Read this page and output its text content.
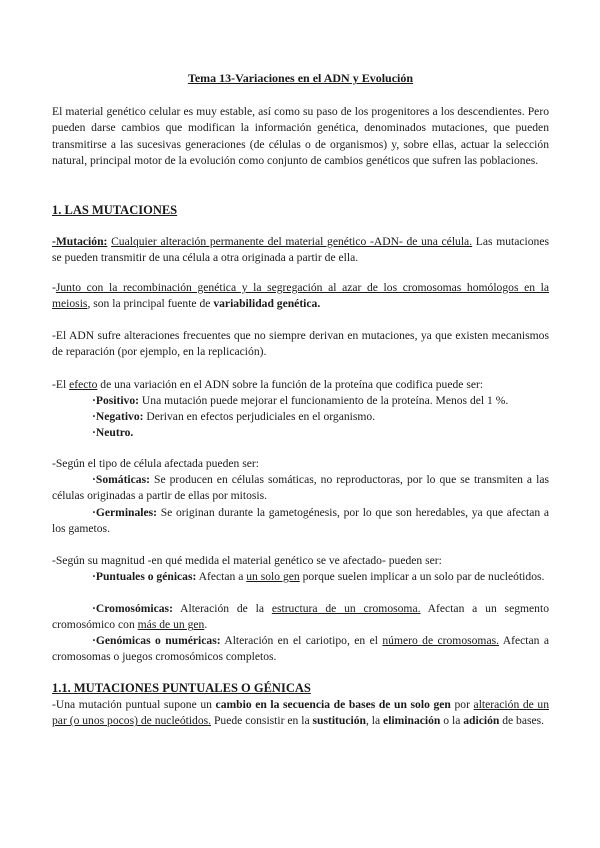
Tema 13-Variaciones en el ADN y Evolución
El material genético celular es muy estable, así como su paso de los progenitores a los descendientes. Pero pueden darse cambios que modifican la información genética, denominados mutaciones, que pueden transmitirse a las sucesivas generaciones (de células o de organismos) y, sobre ellas, actuar la selección natural, principal motor de la evolución como conjunto de cambios genéticos que sufren las poblaciones.
1. LAS MUTACIONES
-Mutación: Cualquier alteración permanente del material genético -ADN- de una célula. Las mutaciones se pueden transmitir de una célula a otra originada a partir de ella.
-Junto con la recombinación genética y la segregación al azar de los cromosomas homólogos en la meiosis, son la principal fuente de variabilidad genética.
-El ADN sufre alteraciones frecuentes que no siempre derivan en mutaciones, ya que existen mecanismos de reparación (por ejemplo, en la replicación).
-El efecto de una variación en el ADN sobre la función de la proteína que codifica puede ser:
·Positivo: Una mutación puede mejorar el funcionamiento de la proteína. Menos del 1 %.
·Negativo: Derivan en efectos perjudiciales en el organismo.
·Neutro.
-Según el tipo de célula afectada pueden ser:
·Somáticas: Se producen en células somáticas, no reproductoras, por lo que se transmiten a las células originadas a partir de ellas por mitosis.
·Germinales: Se originan durante la gametogénesis, por lo que son heredables, ya que afectan a los gametos.
-Según su magnitud -en qué medida el material genético se ve afectado- pueden ser:
·Puntuales o génicas: Afectan a un solo gen porque suelen implicar a un solo par de nucleótidos.
·Cromosómicas: Alteración de la estructura de un cromosoma. Afectan a un segmento cromosómico con más de un gen.
·Genómicas o numéricas: Alteración en el cariotipo, en el número de cromosomas. Afectan a cromosomas o juegos cromosómicos completos.
1.1. MUTACIONES PUNTUALES O GÉNICAS
-Una mutación puntual supone un cambio en la secuencia de bases de un solo gen por alteración de un par (o unos pocos) de nucleótidos. Puede consistir en la sustitución, la eliminación o la adición de bases.
